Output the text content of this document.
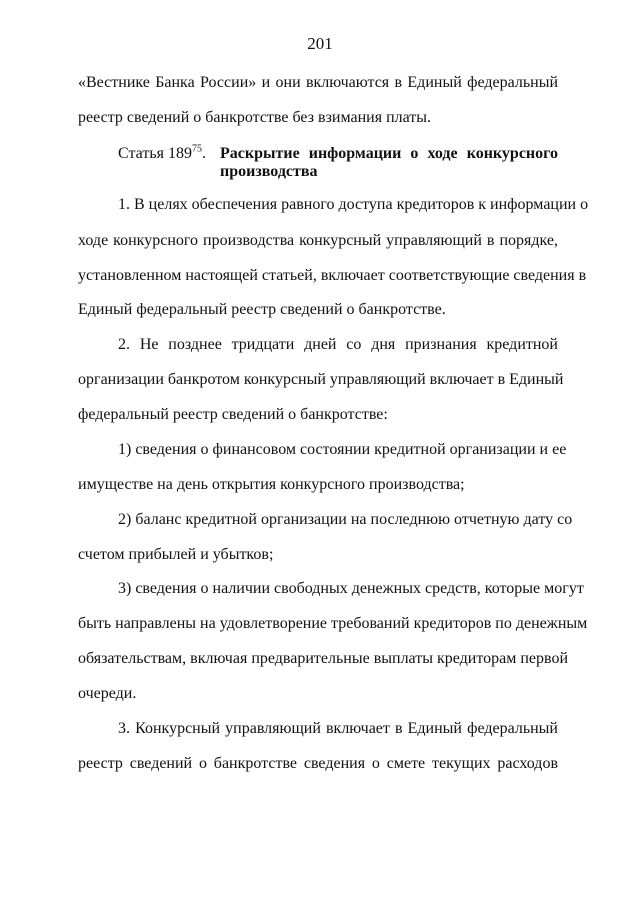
201
«Вестнике Банка России» и они включаются в Единый федеральный
реестр сведений о банкротстве без взимания платы.
Статья $189^{75}$. Раскрытие информации о ходе конкурсного
производства
1. В целях обеспечения равного доступа кредиторов к информации о
ходе конкурсного производства конкурсный управляющий в порядке,
установленном настоящей статьей, включает соответствующие сведения в
Единый федеральный реестр сведений о банкротстве.
2. Не позднее тридцати дней со дня признания кредитной
организации банкротом конкурсный управляющий включает в Единый
федеральный реестр сведений о банкротстве:
1) сведения о финансовом состоянии кредитной организации и ее
имуществе на день открытия конкурсного производства;
2) баланс кредитной организации на последнюю отчетную дату со
счетом прибылей и убытков;
3) сведения о наличии свободных денежных средств, которые могут
быть направлены на удовлетворение требований кредиторов по денежным
обязательствам, включая предварительные выплаты кредиторам первой
очереди.
3. Конкурсный управляющий включает в Единый федеральный
реестр сведений о банкротстве сведения о смете текущих расходов
